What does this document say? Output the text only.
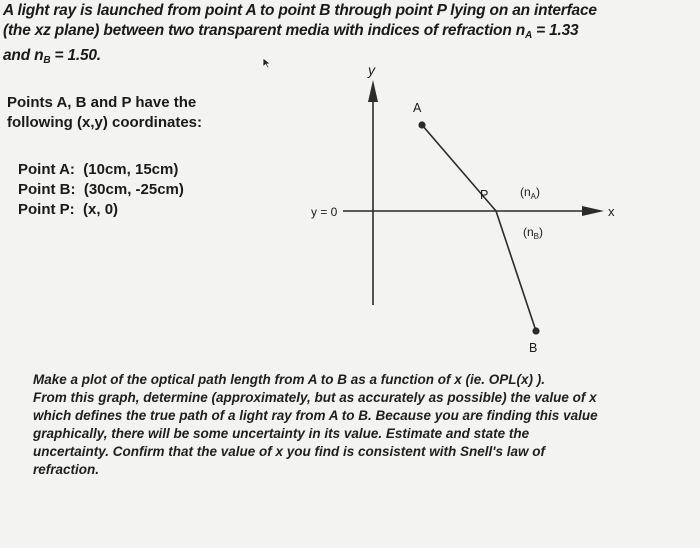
A light ray is launched from point A to point B through point P lying on an interface
(the xz plane) between two transparent media with indices of refraction $n_A = 1.33$
and $n_B = 1.50$.
Points A, B and P have the
following (x,y) coordinates:
Point A: (10cm, 15cm)
Point B: (30cm, -25cm)
Point P: (x, 0)
y
x
y = 0
A
B
P	$(n_A)$
$(n_B)$
Make a plot of the optical path length from A to B as a function of x (ie. OPL(x) ).
From this graph, determine (approximately, but as accurately as possible) the value of x
which defines the true path of a light ray from A to B. Because you are finding this value
graphically, there will be some uncertainty in its value. Estimate and state the
uncertainty. Confirm that the value of x you find is consistent with Snell's law of
refraction.
